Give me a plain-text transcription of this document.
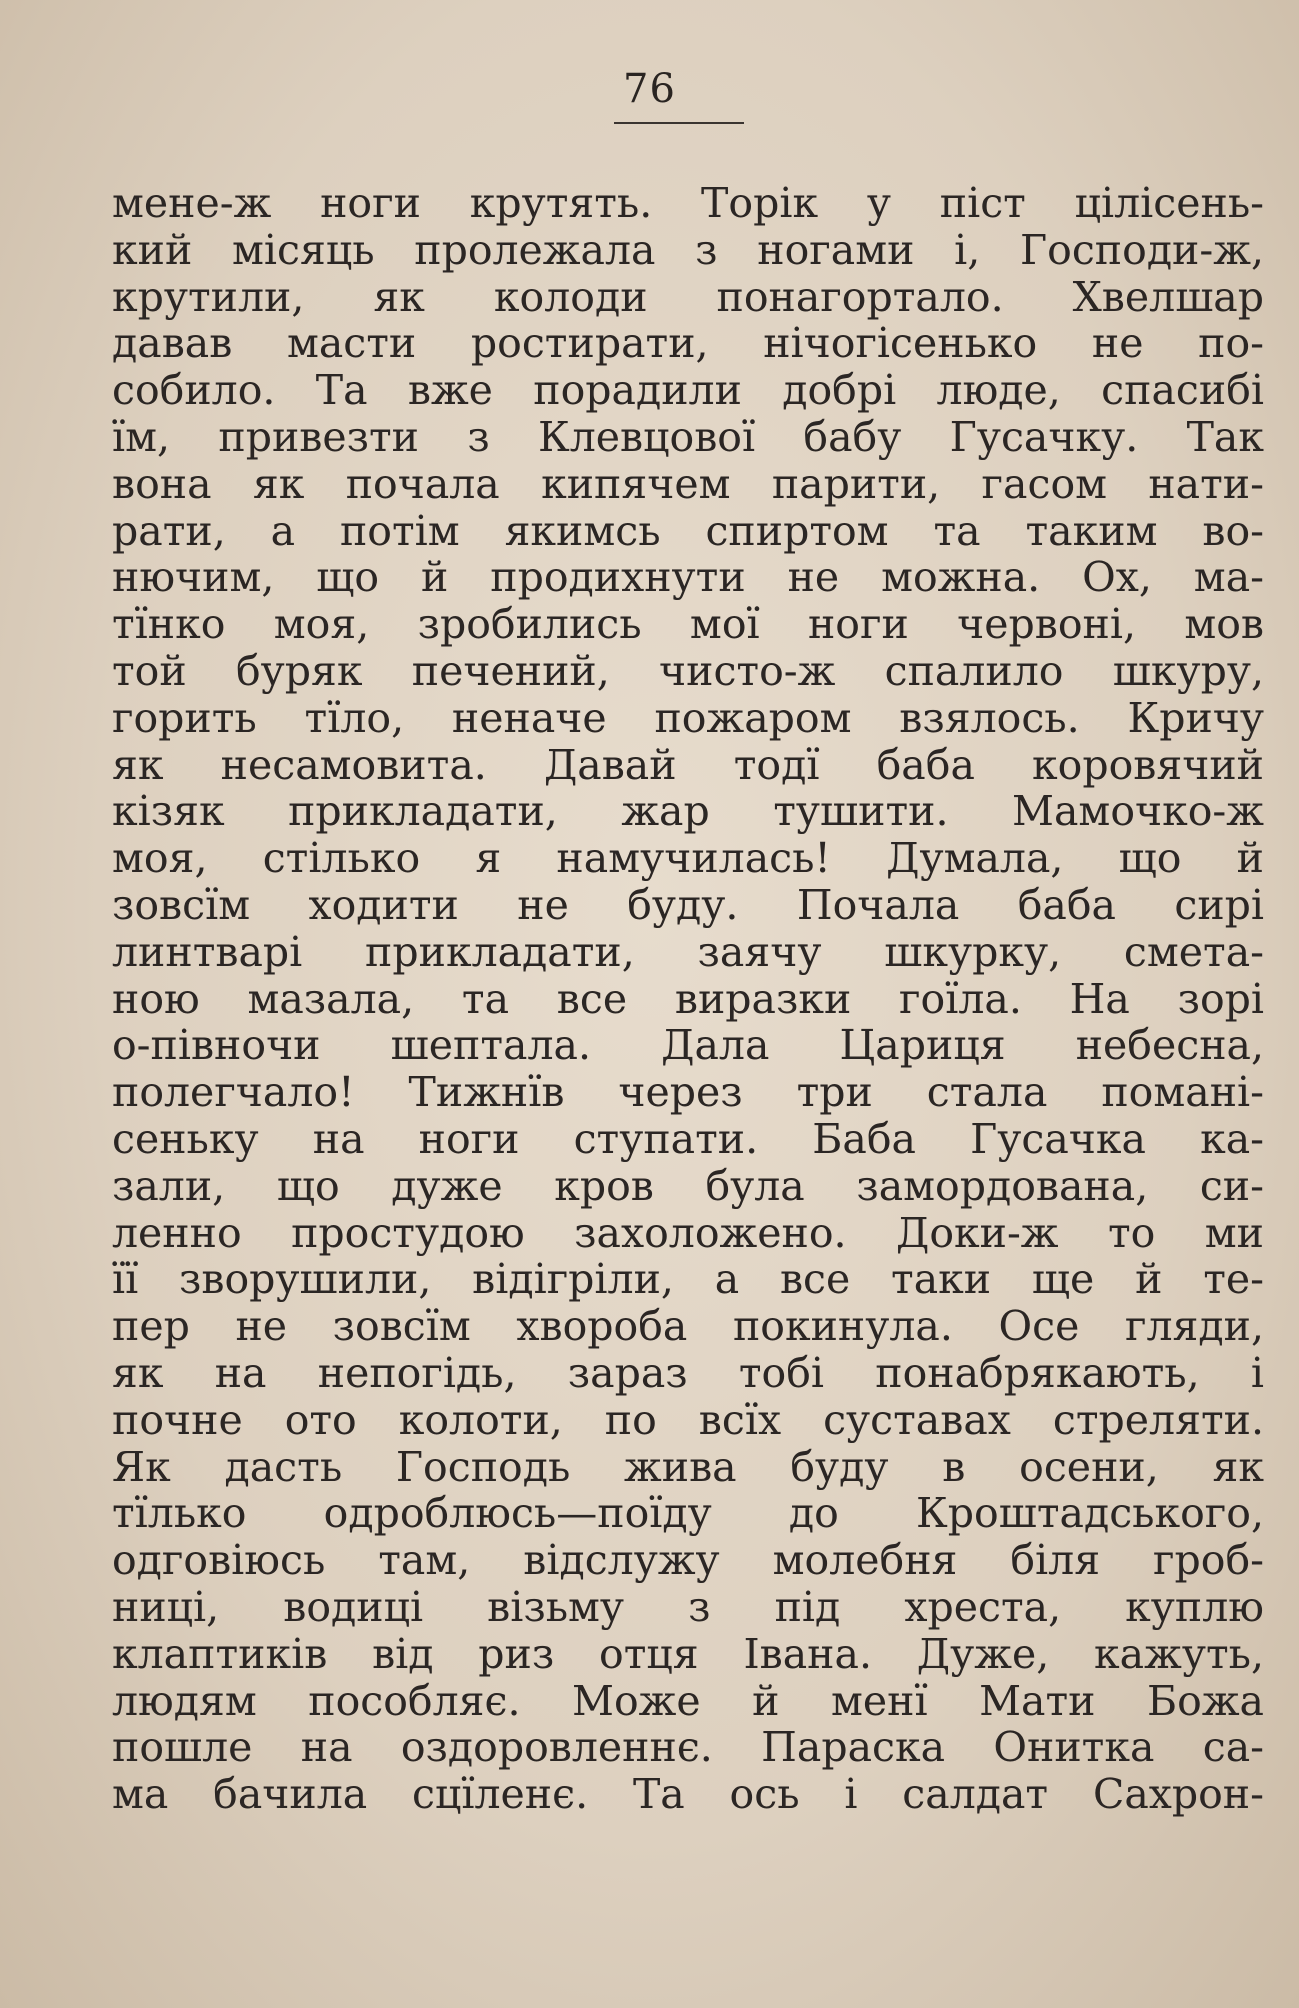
76
мене-ж ноги крутять. Торік у піст цілісень-
кий місяць пролежала з ногами і, Господи-ж,
крутили, як колоди понагортало. Хвелшар
давав масти ростирати, нічогісенько не по-
собило. Та вже порадили добрі люде, спасибі
їм, привезти з Клевцової бабу Гусачку. Так
вона як почала кипячем парити, гасом нати-
рати, а потім якимсь спиртом та таким во-
нючим, що й продихнути не можна. Ох, ма-
тїнко моя, зробились мої ноги червоні, мов
той буряк печений, чисто-ж спалило шкуру,
горить тїло, неначе пожаром взялось. Кричу
як несамовита. Давай тодї баба коровячий
кізяк прикладати, жар тушити. Мамочко-ж
моя, стілько я намучилась! Думала, що й
зовсїм ходити не буду. Почала баба сирі
линтварі прикладати, заячу шкурку, смета-
ною мазала, та все виразки гоїла. На зорі
о-півночи шептала. Дала Цариця небесна,
полегчало! Тижнїв через три стала помані-
сеньку на ноги ступати. Баба Гусачка ка-
зали, що дуже кров була замордована, си-
ленно простудою захоложено. Доки-ж то ми
її зворушили, відігріли, а все таки ще й те-
пер не зовсїм хвороба покинула. Осе гляди,
як на непогідь, зараз тобі понабрякають, і
почне ото колоти, по всїх суставах стреляти.
Як дасть Господь жива буду в осени, як
тїлько одроблюсь—поїду до Кроштадського,
одговіюсь там, відслужу молебня біля гроб-
ниці, водиці візьму з під хреста, куплю
клаптиків від риз отця Івана. Дуже, кажуть,
людям пособляє. Може й менї Мати Божа
пошле на оздоровленнє. Параска Онитка са-
ма бачила сцїленє. Та ось і салдат Сахрон-
